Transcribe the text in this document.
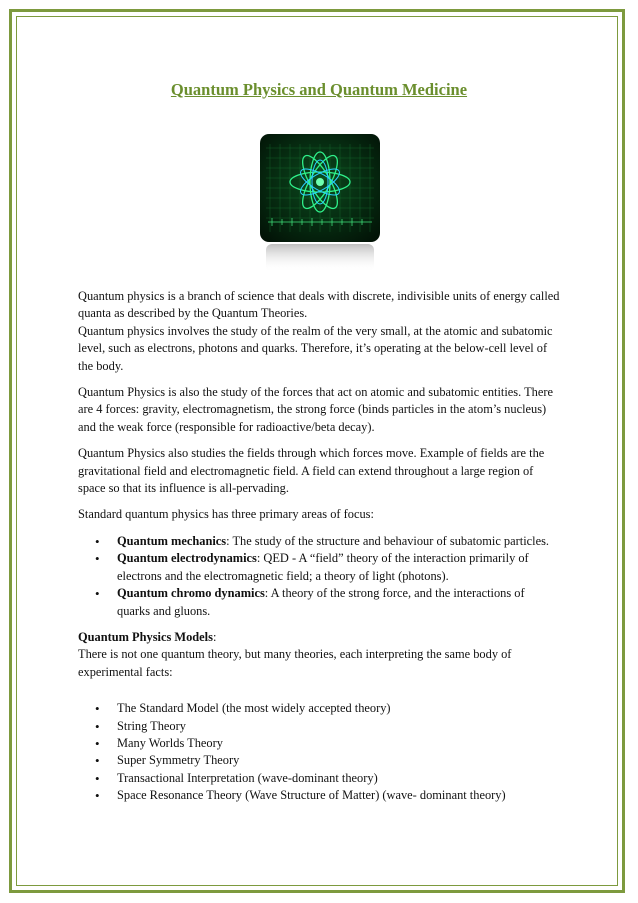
Quantum Physics and Quantum Medicine

Quantum physics is a branch of science that deals with discrete, indivisible units of energy called quanta as described by the Quantum Theories.

Quantum physics involves the study of the realm of the very small, at the atomic and subatomic level, such as electrons, photons and quarks. Therefore, it’s operating at the below-cell level of the body.

Quantum Physics is also the study of the forces that act on atomic and subatomic entities. There are 4 forces: gravity, electromagnetism, the strong force (binds particles in the atom’s nucleus) and the weak force (responsible for radioactive/beta decay).

Quantum Physics also studies the fields through which forces move. Example of fields are the gravitational field and electromagnetic field. A field can extend throughout a large region of space so that its influence is all-pervading.

Standard quantum physics has three primary areas of focus:

• Quantum mechanics: The study of the structure and behaviour of subatomic particles.
• Quantum electrodynamics: QED - A “field” theory of the interaction primarily of electrons and the electromagnetic field; a theory of light (photons).
• Quantum chromo dynamics: A theory of the strong force, and the interactions of quarks and gluons.

Quantum Physics Models:

There is not one quantum theory, but many theories, each interpreting the same body of experimental facts:

• The Standard Model (the most widely accepted theory)
• String Theory
• Many Worlds Theory
• Super Symmetry Theory
• Transactional Interpretation (wave-dominant theory)
• Space Resonance Theory (Wave Structure of Matter) (wave- dominant theory)
